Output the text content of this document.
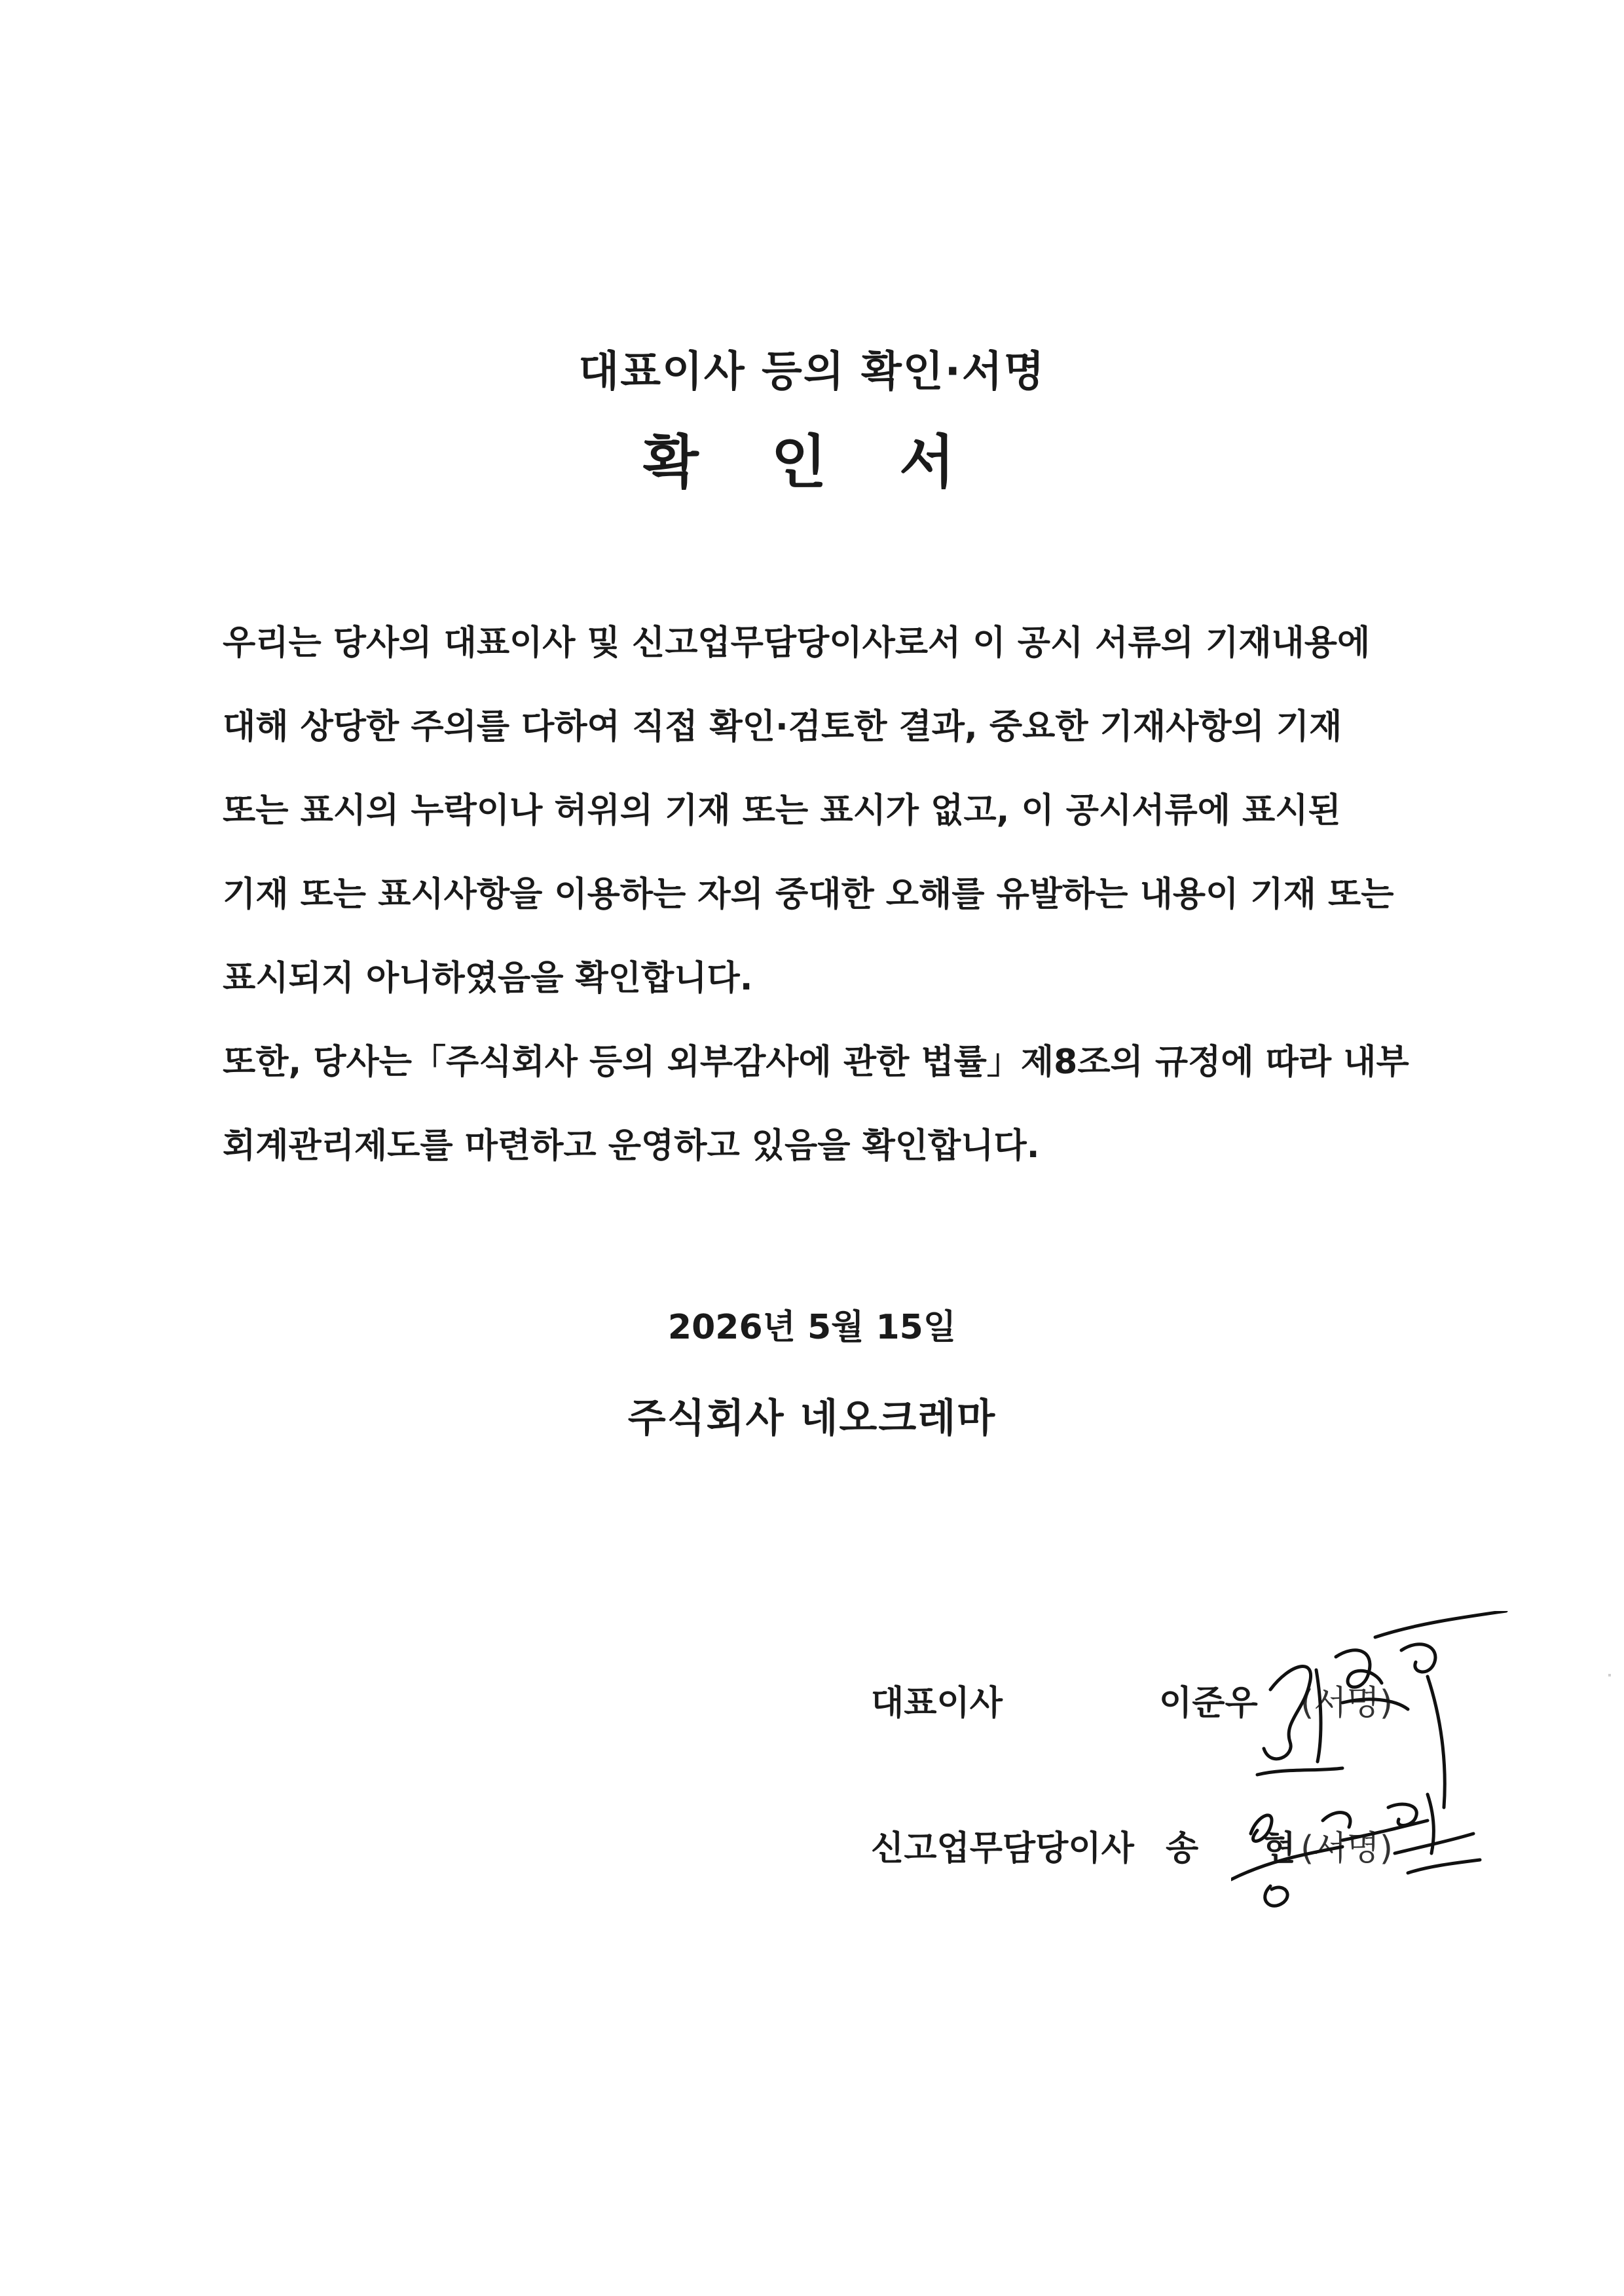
대표이사 등의 확인·서명
확 인 서

우리는 당사의 대표이사 및 신고업무담당이사로서 이 공시 서류의 기재내용에

대해 상당한 주의를 다하여 직접 확인·검토한 결과, 중요한 기재사항의 기재

또는 표시의 누락이나 허위의 기재 또는 표시가 없고, 이 공시서류에 표시된

기재 또는 표시사항을 이용하는 자의 중대한 오해를 유발하는 내용이 기재 또는

표시되지 아니하였음을 확인합니다.

또한, 당사는「주식회사 등의 외부감사에 관한 법률」제8조의 규정에 따라 내부

회계관리제도를 마련하고 운영하고 있음을 확인합니다.

2026년 5월 15일
주식회사 네오크레마
대표이사	이준우 (서명)
신고업무담당이사 송 현
(서명)
